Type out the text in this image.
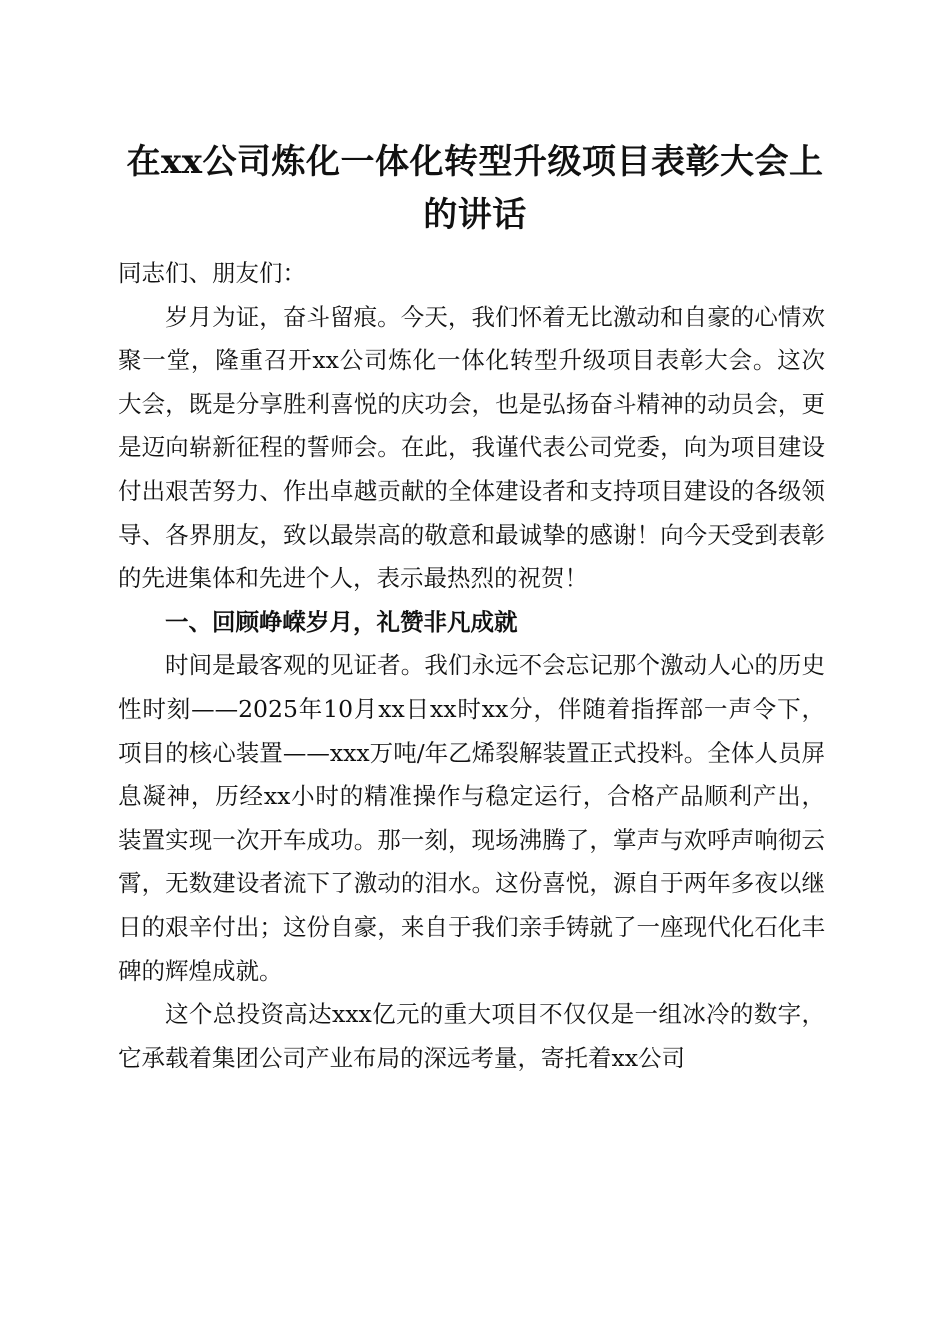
在xx公司炼化一体化转型升级项目表彰大会上的讲话

同志们、朋友们：

岁月为证，奋斗留痕。今天，我们怀着无比激动和自豪的心情欢聚一堂，隆重召开xx公司炼化一体化转型升级项目表彰大会。这次大会，既是分享胜利喜悦的庆功会，也是弘扬奋斗精神的动员会，更是迈向崭新征程的誓师会。在此，我谨代表公司党委，向为项目建设付出艰苦努力、作出卓越贡献的全体建设者和支持项目建设的各级领导、各界朋友，致以最崇高的敬意和最诚挚的感谢！向今天受到表彰的先进集体和先进个人，表示最热烈的祝贺！

一、回顾峥嵘岁月，礼赞非凡成就

时间是最客观的见证者。我们永远不会忘记那个激动人心的历史性时刻——2025年10月xx日xx时xx分，伴随着指挥部一声令下，项目的核心装置——xxx万吨/年乙烯裂解装置正式投料。全体人员屏息凝神，历经xx小时的精准操作与稳定运行，合格产品顺利产出，装置实现一次开车成功。那一刻，现场沸腾了，掌声与欢呼声响彻云霄，无数建设者流下了激动的泪水。这份喜悦，源自于两年多夜以继日的艰辛付出；这份自豪，来自于我们亲手铸就了一座现代化石化丰碑的辉煌成就。

这个总投资高达xxx亿元的重大项目不仅仅是一组冰冷的数字，它承载着集团公司产业布局的深远考量，寄托着xx公司
